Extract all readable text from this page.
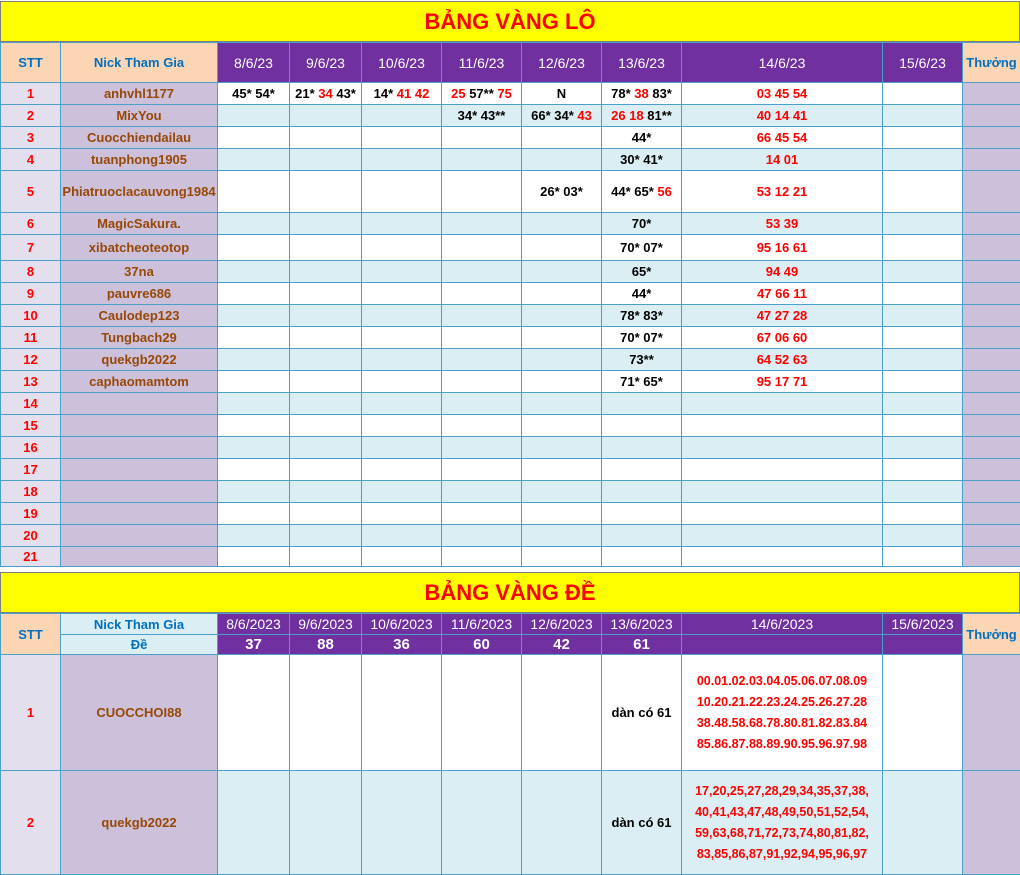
BẢNG VÀNG LÔ
STT	Nick Tham Gia	8/6/23	9/6/23	10/6/23	11/6/23	12/6/23	13/6/23	14/6/23	15/6/23	Thưởng
1	anhvhl1177	45* 54*	21* 34 43*	14* 41 42	25 57** 75	N	78* 38 83*	03 45 54		
2	MixYou				34* 43**	66* 34* 43	26 18 81**	40 14 41		
3	Cuocchiendailau						44*	66 45 54		
4	tuanphong1905						30* 41*	14 01		
5	Phiatruoclacauvong1984					26* 03*	44* 65* 56	53 12 21		
6	MagicSakura.						70*	53 39		
7	xibatcheoteotop						70* 07*	95 16 61		
8	37na						65*	94 49		
9	pauvre686						44*	47 66 11		
10	Caulodep123						78* 83*	47 27 28		
11	Tungbach29						70* 07*	67 06 60		
12	quekgb2022						73**	64 52 63		
13	caphaomamtom						71* 65*	95 17 71		
14										
15										
16										
17										
18										
19										
20										
21										
BẢNG VÀNG ĐỀ
STT	Nick Tham Gia	8/6/2023	9/6/2023	10/6/2023	11/6/2023	12/6/2023	13/6/2023	14/6/2023	15/6/2023	Thưởng
	Đề	37	88	36	60	42	61			
1	CUOCCHOI88						dàn có 61	00.01.02.03.04.05.06.07.08.09
10.20.21.22.23.24.25.26.27.28
38.48.58.68.78.80.81.82.83.84
85.86.87.88.89.90.95.96.97.98		

2	quekgb2022						dàn có 61	17,20,25,27,28,29,34,35,37,38,
40,41,43,47,48,49,50,51,52,54,
59,63,68,71,72,73,74,80,81,82,
83,85,86,87,91,92,94,95,96,97		
